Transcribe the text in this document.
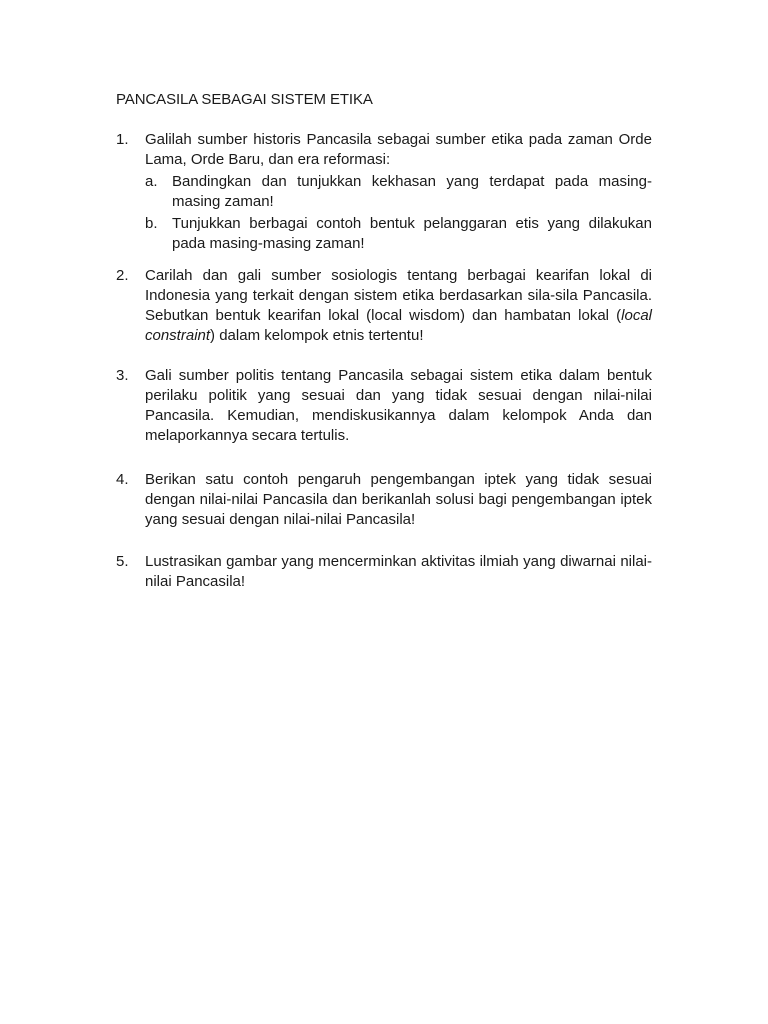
PANCASILA SEBAGAI SISTEM ETIKA
1. Galilah sumber historis Pancasila sebagai sumber etika pada zaman Orde Lama, Orde Baru, dan era reformasi:
a. Bandingkan dan tunjukkan kekhasan yang terdapat pada masing-masing zaman!
b. Tunjukkan berbagai contoh bentuk pelanggaran etis yang dilakukan pada masing-masing zaman!
2. Carilah dan gali sumber sosiologis tentang berbagai kearifan lokal di Indonesia yang terkait dengan sistem etika berdasarkan sila-sila Pancasila. Sebutkan bentuk kearifan lokal (local wisdom) dan hambatan lokal (local constraint) dalam kelompok etnis tertentu!
3. Gali sumber politis tentang Pancasila sebagai sistem etika dalam bentuk perilaku politik yang sesuai dan yang tidak sesuai dengan nilai-nilai Pancasila. Kemudian, mendiskusikannya dalam kelompok Anda dan melaporkannya secara tertulis.
4. Berikan satu contoh pengaruh pengembangan iptek yang tidak sesuai dengan nilai-nilai Pancasila dan berikanlah solusi bagi pengembangan iptek yang sesuai dengan nilai-nilai Pancasila!
5. Lustrasikan gambar yang mencerminkan aktivitas ilmiah yang diwarnai nilai-nilai Pancasila!
